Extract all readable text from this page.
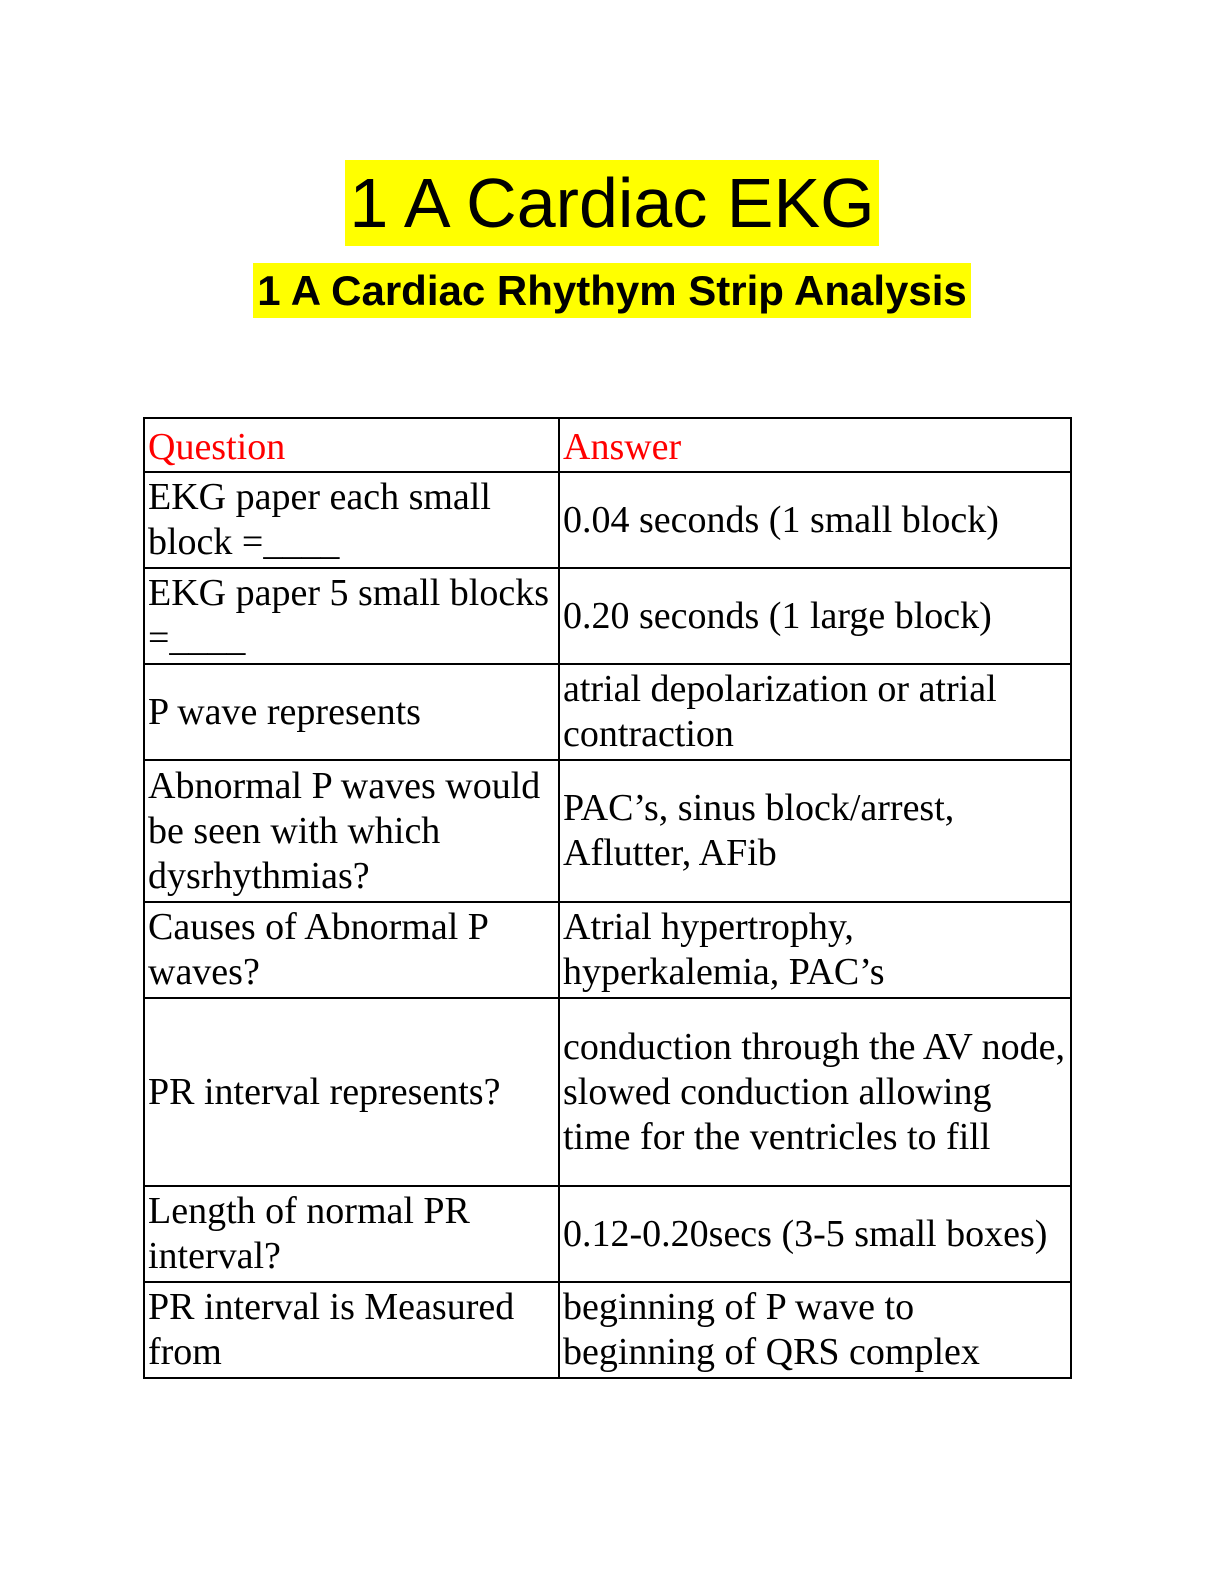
1 A Cardiac EKG
1 A Cardiac Rhythym Strip Analysis
Question	Answer
EKG paper each small block =____	0.04 seconds (1 small block)
EKG paper 5 small blocks =____	0.20 seconds (1 large block)
P wave represents	atrial depolarization or atrial contraction
Abnormal P waves would be seen with which dysrhythmias?	PAC’s, sinus block/arrest, Aflutter, AFib
Causes of Abnormal P waves?	Atrial hypertrophy, hyperkalemia, PAC’s
PR interval represents?	conduction through the AV node, slowed conduction allowing time for the ventricles to fill
Length of normal PR interval?	0.12-0.20secs (3-5 small boxes)
PR interval is Measured from	beginning of P wave to beginning of QRS complex
